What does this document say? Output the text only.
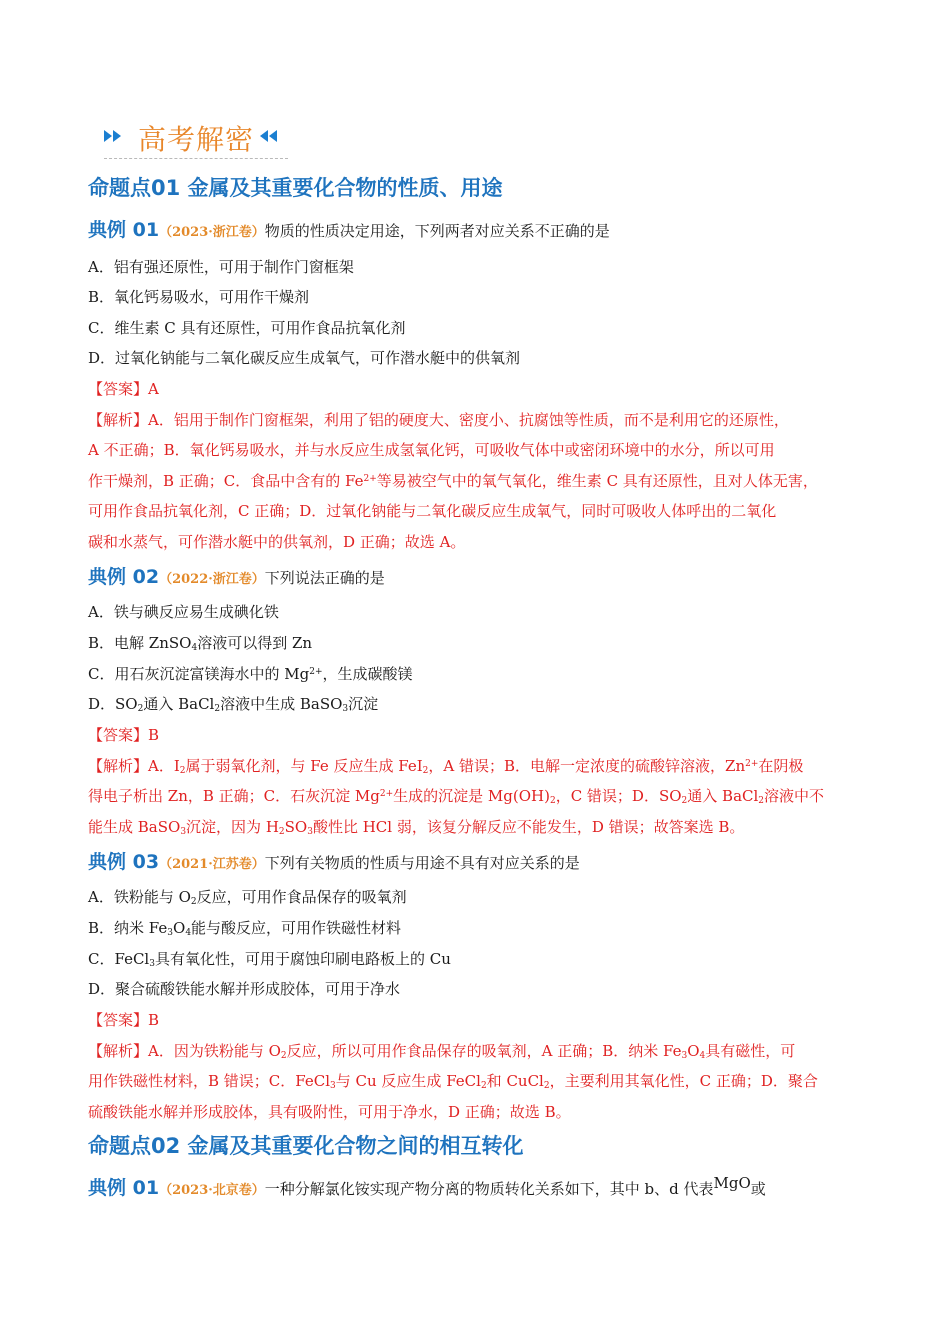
高考解密
命题点01 金属及其重要化合物的性质、用途
典例 01（2023·浙江卷）物质的性质决定用途，下列两者对应关系不正确的是
A．铝有强还原性，可用于制作门窗框架
B．氧化钙易吸水，可用作干燥剂
C．维生素 C 具有还原性，可用作食品抗氧化剂
D．过氧化钠能与二氧化碳反应生成氧气，可作潜水艇中的供氧剂
【答案】A
【解析】A．铝用于制作门窗框架，利用了铝的硬度大、密度小、抗腐蚀等性质，而不是利用它的还原性，
A 不正确；B．氧化钙易吸水，并与水反应生成氢氧化钙，可吸收气体中或密闭环境中的水分，所以可用
作干燥剂，B 正确；C．食品中含有的 $Fe^{2+}$等易被空气中的氧气氧化，维生素 C 具有还原性，且对人体无害，
可用作食品抗氧化剂，C 正确；D．过氧化钠能与二氧化碳反应生成氧气，同时可吸收人体呼出的二氧化
碳和水蒸气，可作潜水艇中的供氧剂，D 正确；故选 A。
典例 02（2022·浙江卷）下列说法正确的是
A．铁与碘反应易生成碘化铁
B．电解 ZnSO$_4$溶液可以得到 Zn
C．用石灰沉淀富镁海水中的 $Mg^{2+}$，生成碳酸镁
D．$SO_2$通入 BaCl$_2$溶液中生成 BaSO$_3$沉淀
【答案】B
【解析】A．$I_2$属于弱氧化剂，与 Fe 反应生成 FeI$_2$，A 错误；B．电解一定浓度的硫酸锌溶液，$Zn^{2+}$在阴极
得电子析出 Zn，B 正确；C．石灰沉淀 $Mg^{2+}$生成的沉淀是 $Mg(OH)_2$，C 错误；D．$SO_2$通入 BaCl$_2$溶液中不
能生成 BaSO$_3$沉淀，因为 $H_2SO_3$酸性比 HCl 弱，该复分解反应不能发生，D 错误；故答案选 B。
典例 03（2021·江苏卷）下列有关物质的性质与用途不具有对应关系的是
A．铁粉能与 $O_2$反应，可用作食品保存的吸氧剂
B．纳米 $Fe_3O_4$能与酸反应，可用作铁磁性材料
C．FeCl$_3$具有氧化性，可用于腐蚀印刷电路板上的 Cu
D．聚合硫酸铁能水解并形成胶体，可用于净水
【答案】B
【解析】A．因为铁粉能与 $O_2$反应，所以可用作食品保存的吸氧剂，A 正确；B．纳米 $Fe_3O_4$具有磁性，可
用作铁磁性材料，B 错误；C．FeCl$_3$与 Cu 反应生成 FeCl$_2$和 CuCl$_2$，主要利用其氧化性，C 正确；D．聚合
硫酸铁能水解并形成胶体，具有吸附性，可用于净水，D 正确；故选 B。
命题点02 金属及其重要化合物之间的相互转化
典例 01（2023·北京卷）一种分解氯化铵实现产物分离的物质转化关系如下，其中 b、d 代表MgO或
